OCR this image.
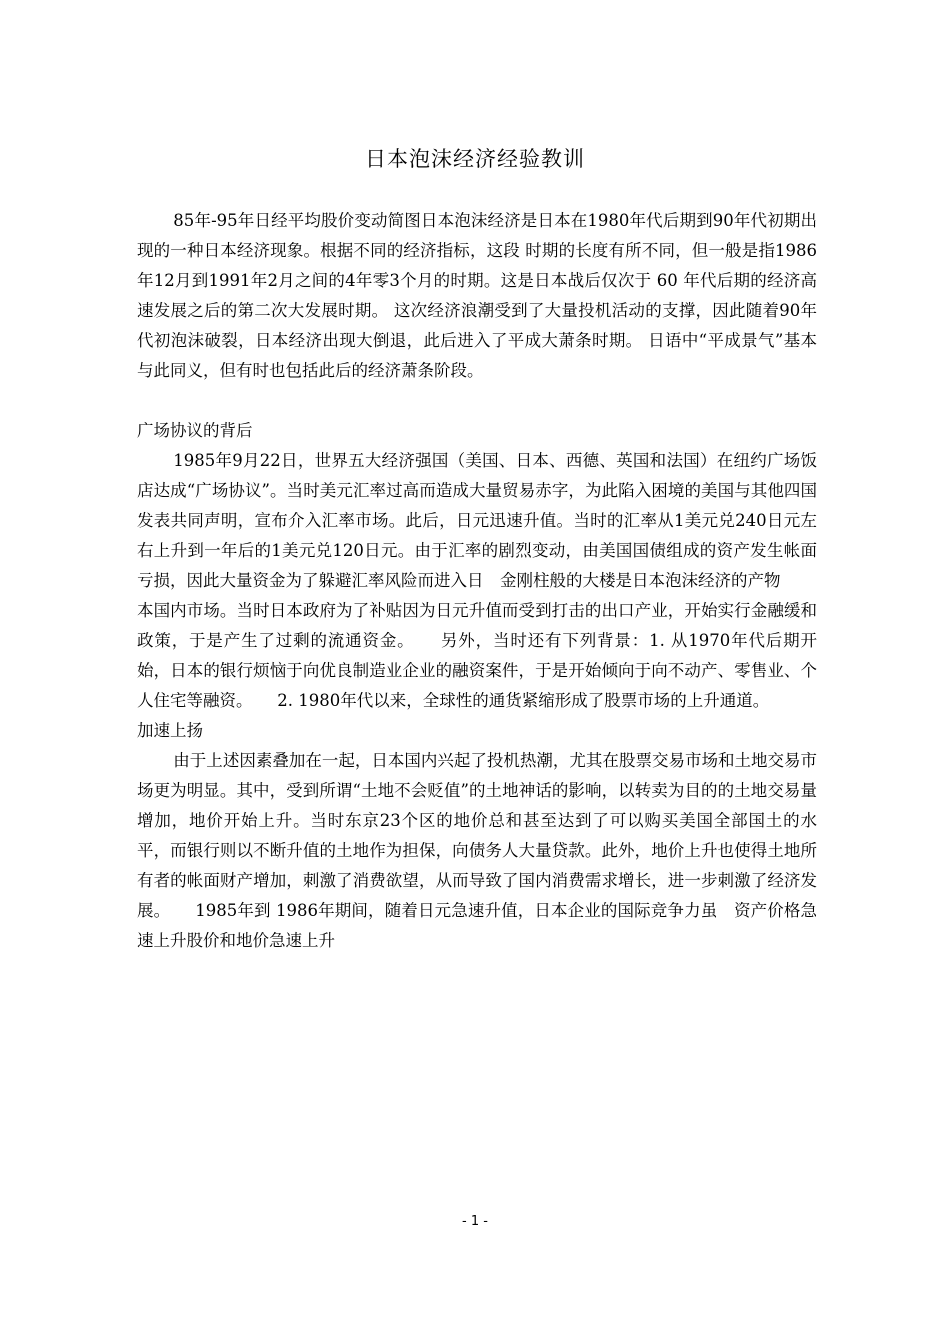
日本泡沫经济经验教训

85年-95年日经平均股价变动简图日本泡沫经济是日本在1980年代后期到90年代初期出现的一种日本经济现象。根据不同的经济指标，这段 时期的长度有所不同，但一般是指1986年12月到1991年2月之间的4年零3个月的时期。这是日本战后仅次于 60 年代后期的经济高速发展之后的第二次大发展时期。 这次经济浪潮受到了大量投机活动的支撑，因此随着90年代初泡沫破裂，日本经济出现大倒退，此后进入了平成大萧条时期。 日语中“平成景气”基本与此同义，但有时也包括此后的经济萧条阶段。

广场协议的背后

1985年9月22日，世界五大经济强国（美国、日本、西德、英国和法国）在纽约广场饭店达成“广场协议”。当时美元汇率过高而造成大量贸易赤字，为此陷入困境的美国与其他四国发表共同声明，宣布介入汇率市场。此后，日元迅速升值。当时的汇率从1美元兑240日元左右上升到一年后的1美元兑120日元。由于汇率的剧烈变动，由美国国债组成的资产发生帐面亏损，因此大量资金为了躲避汇率风险而进入日　金刚柱般的大楼是日本泡沫经济的产物

本国内市场。当时日本政府为了补贴因为日元升值而受到打击的出口产业，开始实行金融缓和政策，于是产生了过剩的流通资金。　　另外，当时还有下列背景：1. 从1970年代后期开始，日本的银行烦恼于向优良制造业企业的融资案件，于是开始倾向于向不动产、零售业、个人住宅等融资。　　2. 1980年代以来，全球性的通货紧缩形成了股票市场的上升通道。

加速上扬

由于上述因素叠加在一起，日本国内兴起了投机热潮，尤其在股票交易市场和土地交易市场更为明显。其中，受到所谓“土地不会贬值”的土地神话的影响，以转卖为目的的土地交易量增加，地价开始上升。当时东京23个区的地价总和甚至达到了可以购买美国全部国土的水平，而银行则以不断升值的土地作为担保，向债务人大量贷款。此外，地价上升也使得土地所有者的帐面财产增加，刺激了消费欲望，从而导致了国内消费需求增长，进一步刺激了经济发展。　　1985年到 1986年期间，随着日元急速升值，日本企业的国际竞争力虽　资产价格急速上升股价和地价急速上升

- 1 -
